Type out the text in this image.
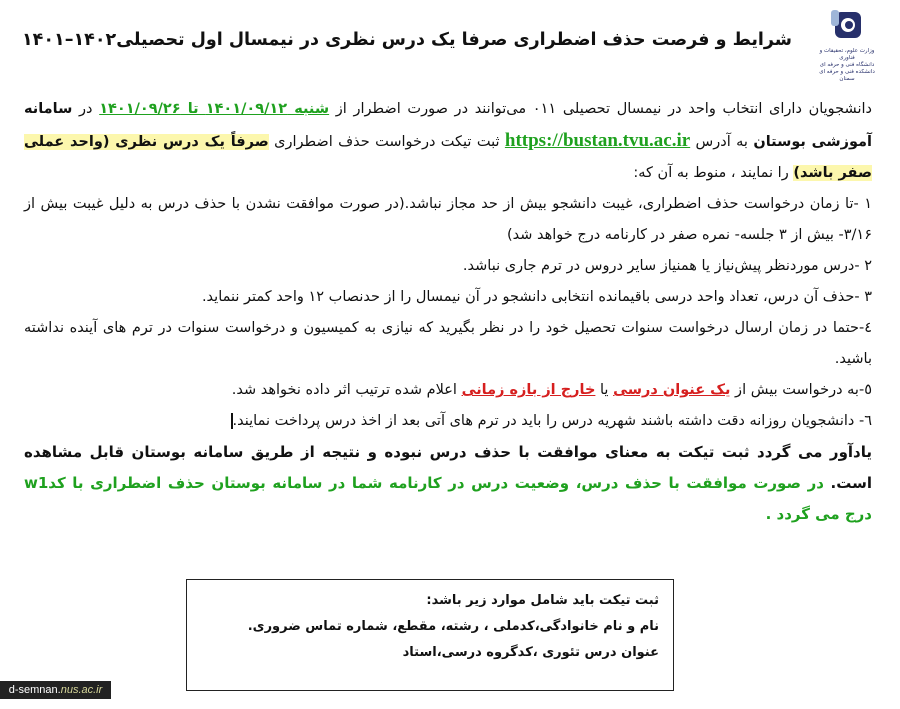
وزارت علوم، تحقیقات و فناوری
دانشگاه فنی و حرفه ای
دانشکده فنی و حرفه ای
سمنان
شرایط و فرصت حذف اضطراری صرفا یک درس نظری در نیمسال اول تحصیلی۱۴۰۲–۱۴۰۱

دانشجویان دارای انتخاب واحد در نیمسال تحصیلی ۰۱۱ می‌توانند در صورت اضطرار از شنبه ۱۴۰۱/۰۹/۱۲ تا ۱۴۰۱/۰۹/۲۶ در سامانه آموزشی بوستان به آدرس https://bustan.tvu.ac.ir ثبت تیکت درخواست حذف اضطراری صرفاً یک درس نظری (واحد عملی صفر باشد) را نمایند ، منوط به آن که:

۱ -تا زمان درخواست حذف اضطراری، غیبت دانشجو بیش از حد مجاز نباشد.(در صورت موافقت نشدن با حذف درس به دلیل غیبت بیش از ۳/۱۶- بیش از ۳ جلسه- نمره صفر در کارنامه درج خواهد شد)

۲ -درس موردنظر پیش‌نیاز یا همنیاز سایر دروس در ترم جاری نباشد.

۳ -حذف آن درس، تعداد واحد درسی باقیمانده انتخابی دانشجو در آن نیمسال را از حدنصاب ۱۲ واحد کمتر ننماید.

٤-حتما در زمان ارسال درخواست سنوات تحصیل خود را در نظر بگیرید که نیازی به کمیسیون و درخواست سنوات در ترم های آینده نداشته باشید.

٥-به درخواست بیش از یک عنوان درسی یا خارج از بازه زمانی اعلام شده ترتیب اثر داده نخواهد شد.

٦- دانشجویان روزانه دقت داشته باشند شهریه درس را باید در ترم های آتی بعد از اخذ درس پرداخت نمایند.

یادآور می گردد ثبت تیکت به معنای موافقت با حذف درس نبوده و نتیجه از طریق سامانه بوستان قابل مشاهده است. در صورت موافقت با حذف درس، وضعیت درس در کارنامه شما در سامانه بوستان حذف اضطراری با کدw1 درج می گردد .

ثبت تیکت باید شامل موارد زیر باشد:
نام و نام خانوادگی،کدملی ، رشته، مقطع، شماره تماس ضروری.
عنوان درس تئوری ،کدگروه درسی،استاد
d-semnan.nus.ac.ir
